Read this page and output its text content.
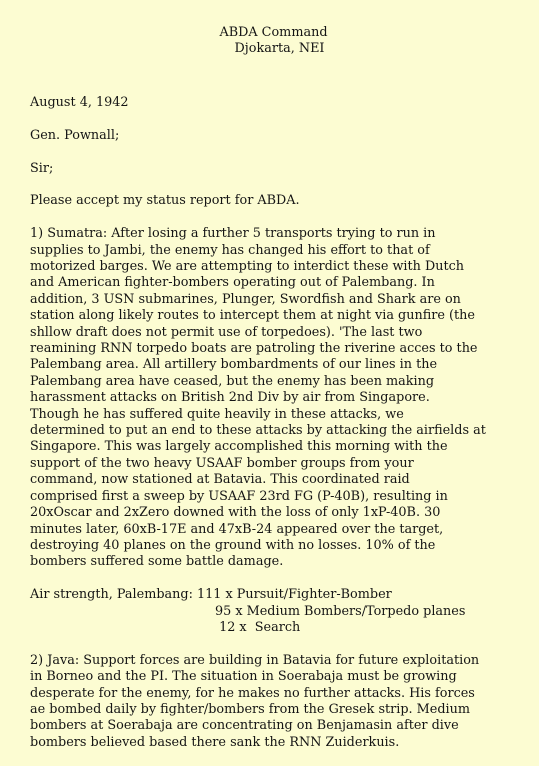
ABDA Command
Djokarta, NEI

August 4, 1942

Gen. Pownall;

Sir;

Please accept my status report for ABDA.

1) Sumatra: After losing a further 5 transports trying to run in
supplies to Jambi, the enemy has changed his effort to that of
motorized barges. We are attempting to interdict these with Dutch
and American fighter-bombers operating out of Palembang. In
addition, 3 USN submarines, Plunger, Swordfish and Shark are on
station along likely routes to intercept them at night via gunfire (the
shllow draft does not permit use of torpedoes). 'The last two
reamining RNN torpedo boats are patroling the riverine acces to the
Palembang area. All artillery bombardments of our lines in the
Palembang area have ceased, but the enemy has been making
harassment attacks on British 2nd Div by air from Singapore.
Though he has suffered quite heavily in these attacks, we
determined to put an end to these attacks by attacking the airfields at
Singapore. This was largely accomplished this morning with the
support of the two heavy USAAF bomber groups from your
command, now stationed at Batavia. This coordinated raid
comprised first a sweep by USAAF 23rd FG (P-40B), resulting in
20xOscar and 2xZero downed with the loss of only 1xP-40B. 30
minutes later, 60xB-17E and 47xB-24 appeared over the target,
destroying 40 planes on the ground with no losses. 10% of the
bombers suffered some battle damage.
Air strength, Palembang: 111 x Pursuit/Fighter-Bomber
95 x Medium Bombers/Torpedo planes
12 x  Search
2) Java: Support forces are building in Batavia for future exploitation
in Borneo and the PI. The situation in Soerabaja must be growing
desperate for the enemy, for he makes no further attacks. His forces
ae bombed daily by fighter/bombers from the Gresek strip. Medium
bombers at Soerabaja are concentrating on Benjamasin after dive
bombers believed based there sank the RNN Zuiderkuis.
